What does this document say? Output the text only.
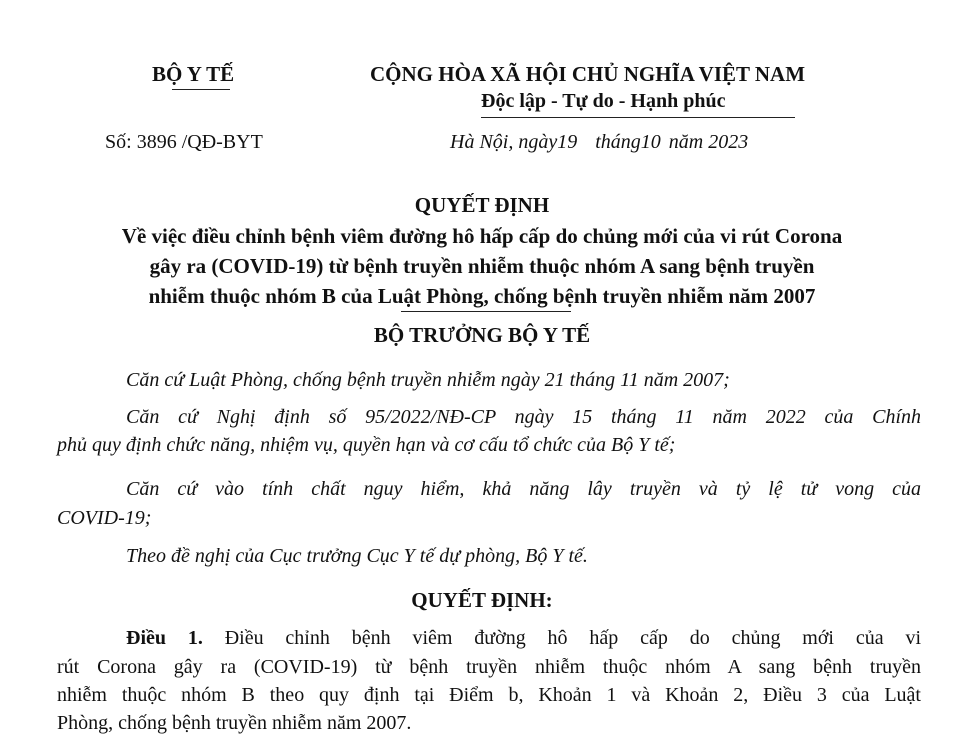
BỘ Y TẾ
Số: 3896 /QĐ-BYT
CỘNG HÒA XÃ HỘI CHỦ NGHĨA VIỆT NAM
Độc lập - Tự do - Hạnh phúc
Hà Nội, ngày19 tháng10 năm 2023
QUYẾT ĐỊNH
Về việc điều chỉnh bệnh viêm đường hô hấp cấp do chủng mới của vi rút Corona
gây ra (COVID-19) từ bệnh truyền nhiễm thuộc nhóm A sang bệnh truyền
nhiễm thuộc nhóm B của Luật Phòng, chống bệnh truyền nhiễm năm 2007
BỘ TRƯỞNG BỘ Y TẾ
Căn cứ Luật Phòng, chống bệnh truyền nhiễm ngày 21 tháng 11 năm 2007;
Căn cứ Nghị định số 95/2022/NĐ-CP ngày 15 tháng 11 năm 2022 của Chính
phủ quy định chức năng, nhiệm vụ, quyền hạn và cơ cấu tổ chức của Bộ Y tế;
Căn cứ vào tính chất nguy hiểm, khả năng lây truyền và tỷ lệ tử vong của
COVID-19;
Theo đề nghị của Cục trưởng Cục Y tế dự phòng, Bộ Y tế.
QUYẾT ĐỊNH:
Điều 1. Điều chỉnh bệnh viêm đường hô hấp cấp do chủng mới của vi
rút Corona gây ra (COVID-19) từ bệnh truyền nhiễm thuộc nhóm A sang bệnh truyền
nhiễm thuộc nhóm B theo quy định tại Điểm b, Khoản 1 và Khoản 2, Điều 3 của Luật
Phòng, chống bệnh truyền nhiễm năm 2007.
